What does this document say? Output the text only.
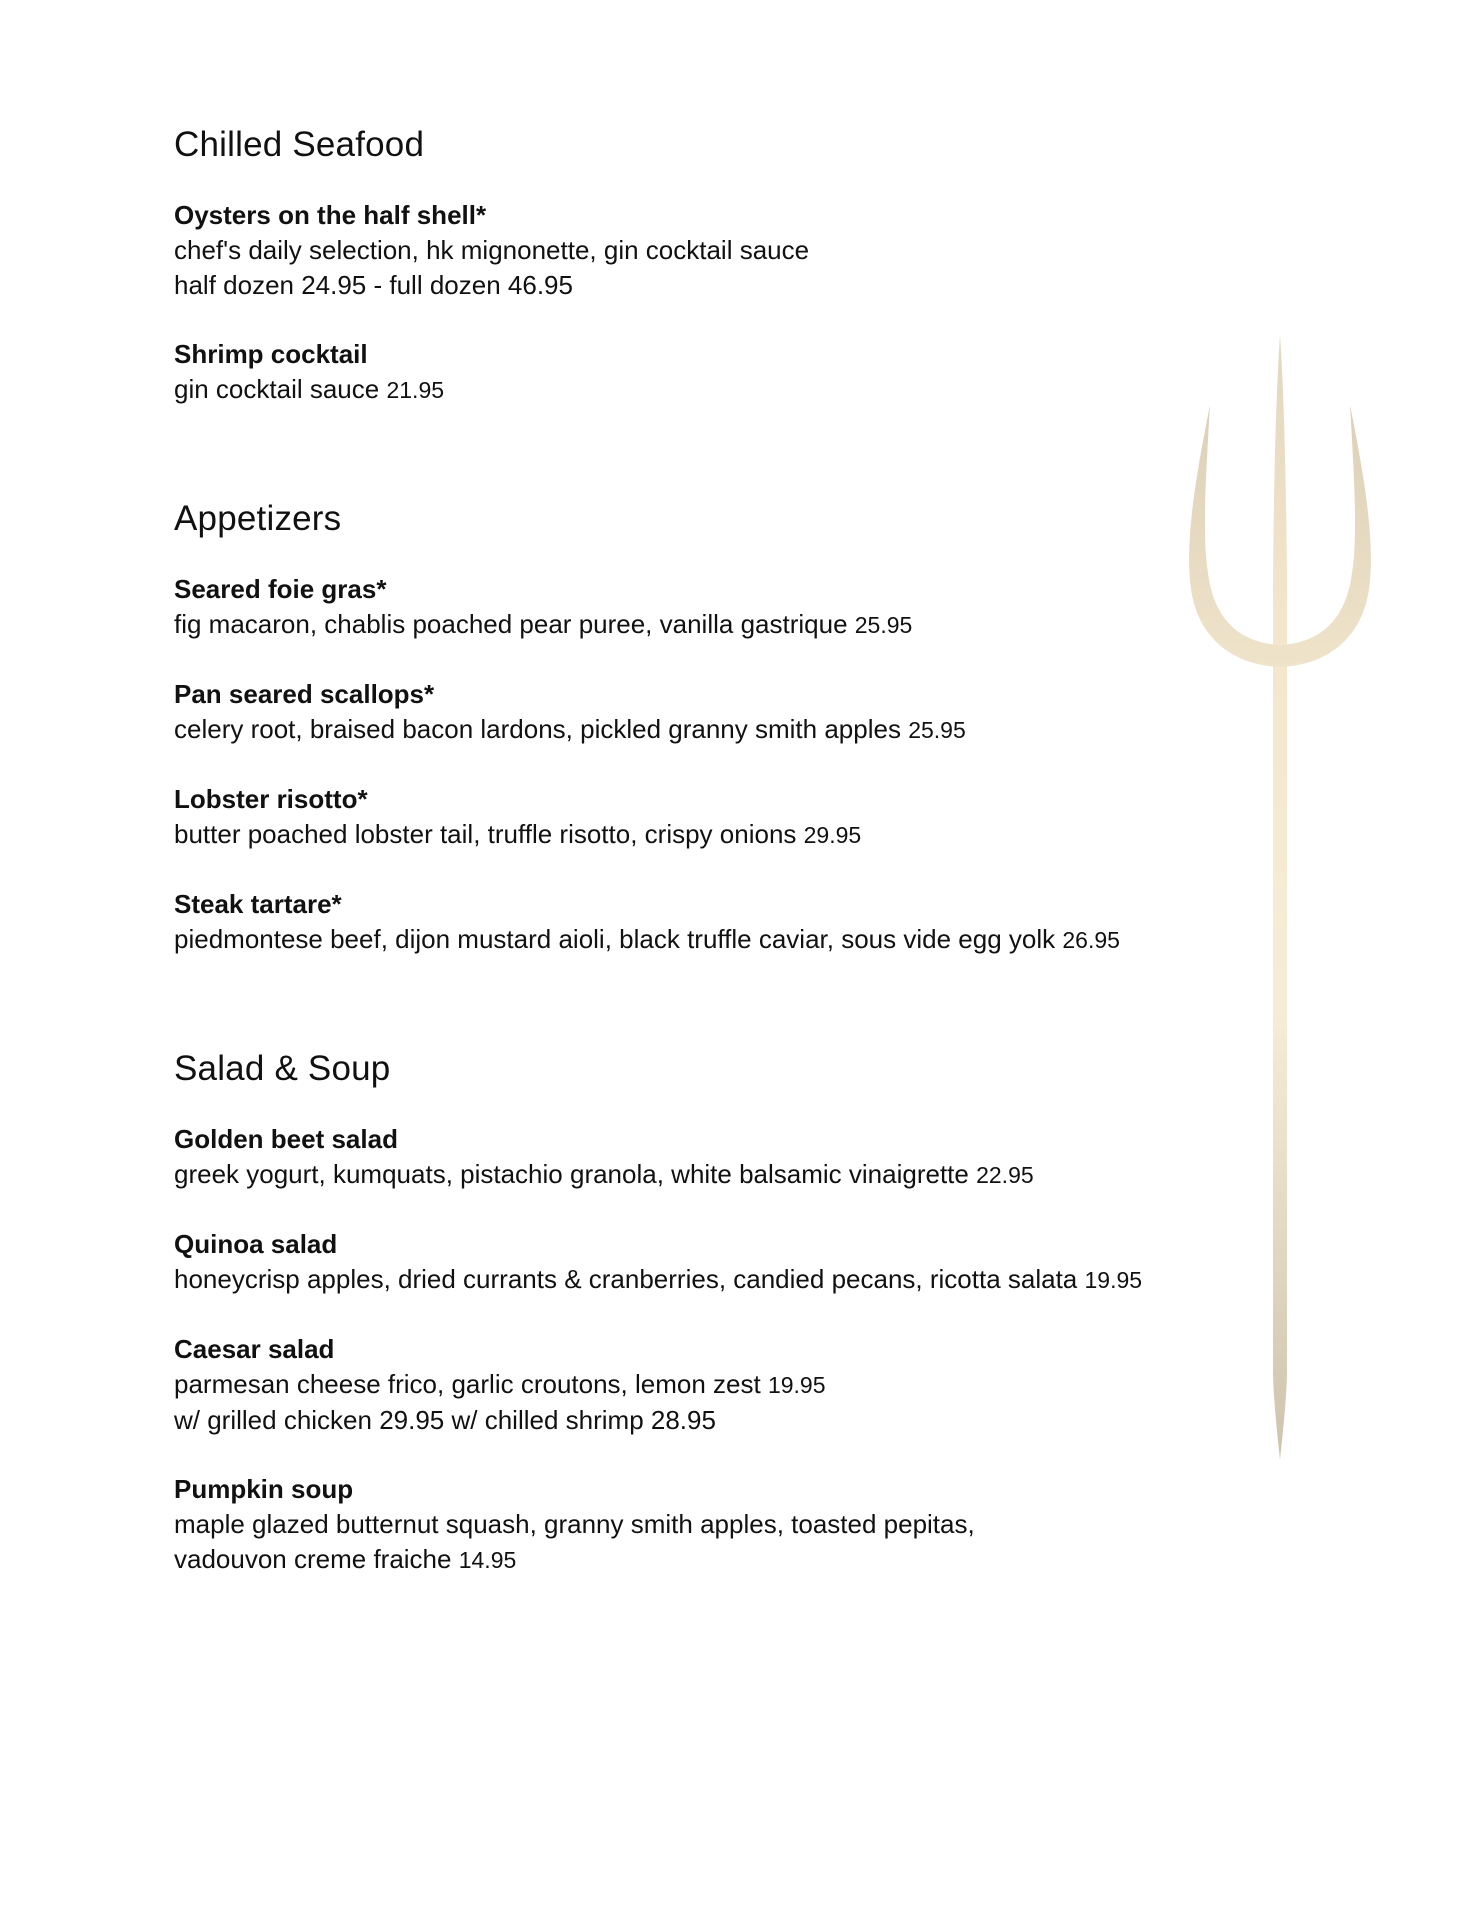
Chilled Seafood
Oysters on the half shell*
chef's daily selection, hk mignonette, gin cocktail sauce
half dozen 24.95 - full dozen 46.95
Shrimp cocktail
gin cocktail sauce 21.95
Appetizers
Seared foie gras*
fig macaron, chablis poached pear puree, vanilla gastrique 25.95
Pan seared scallops*
celery root, braised bacon lardons, pickled granny smith apples 25.95
Lobster risotto*
butter poached lobster tail, truffle risotto, crispy onions 29.95
Steak tartare*
piedmontese beef, dijon mustard aioli, black truffle caviar, sous vide egg yolk 26.95
Salad & Soup
Golden beet salad
greek yogurt, kumquats, pistachio granola, white balsamic vinaigrette 22.95
Quinoa salad
honeycrisp apples, dried currants & cranberries, candied pecans, ricotta salata 19.95
Caesar salad
parmesan cheese frico, garlic croutons, lemon zest 19.95
w/ grilled chicken 29.95 w/ chilled shrimp 28.95
Pumpkin soup
maple glazed butternut squash, granny smith apples, toasted pepitas,
vadouvon creme fraiche 14.95
